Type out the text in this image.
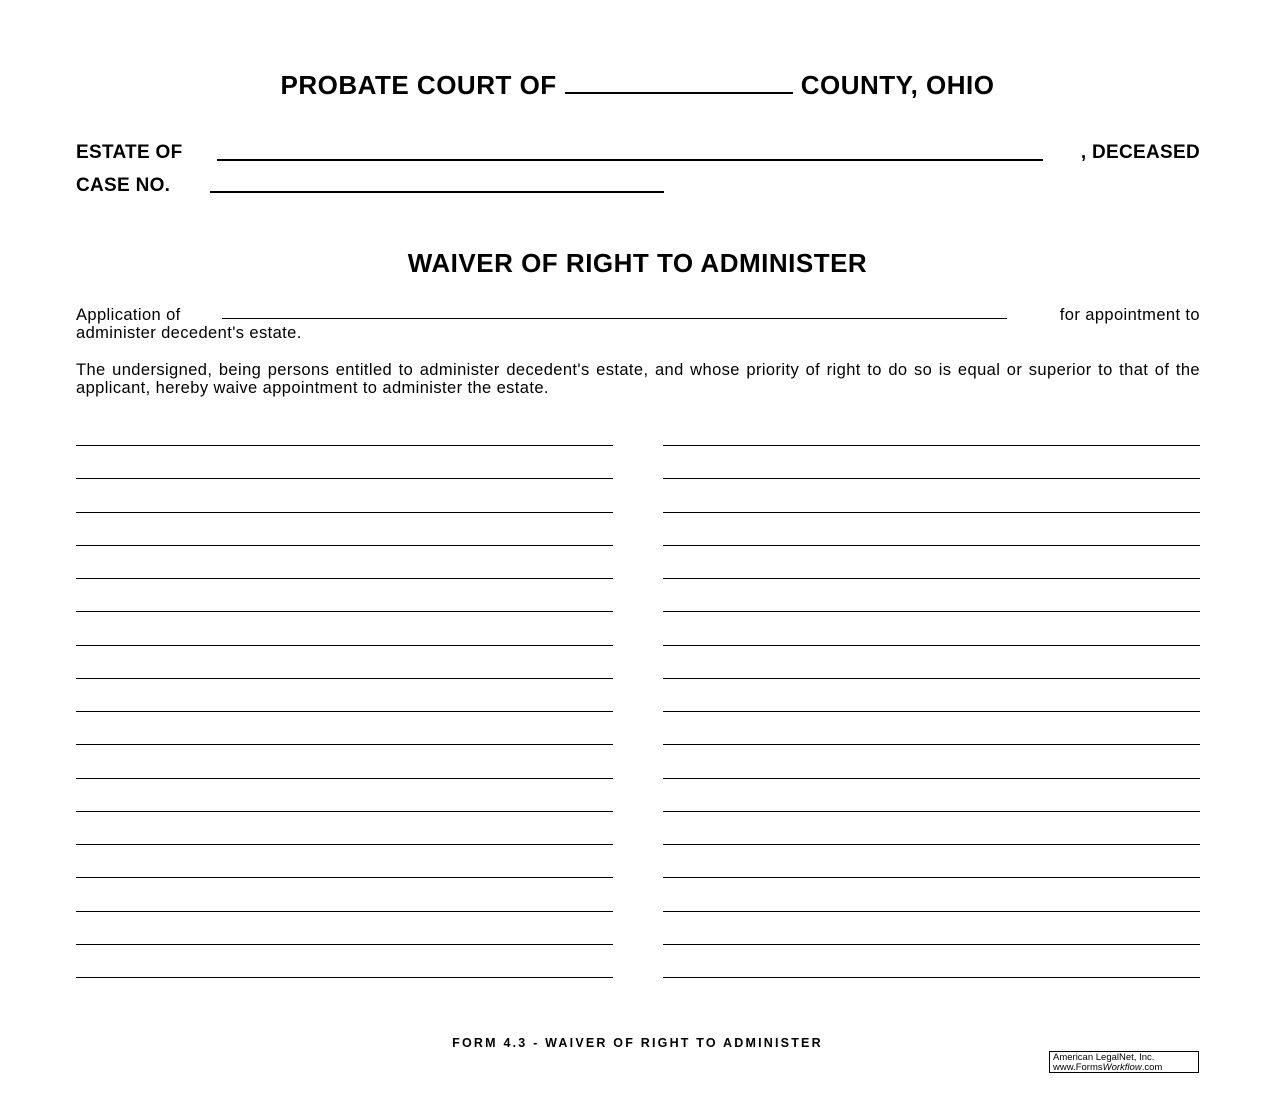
PROBATE COURT OF	COUNTY, OHIO
ESTATE OF	, DECEASED
CASE NO.
WAIVER OF RIGHT TO ADMINISTER
Application of	for appointment to
administer decedent's estate.
The undersigned, being persons entitled to administer decedent's estate, and whose priority of right to do so is equal or superior to that of the applicant, hereby waive appointment to administer the estate.
FORM 4.3 - WAIVER OF RIGHT TO ADMINISTER
American LegalNet, Inc.
www.FormsWorkflow.com
